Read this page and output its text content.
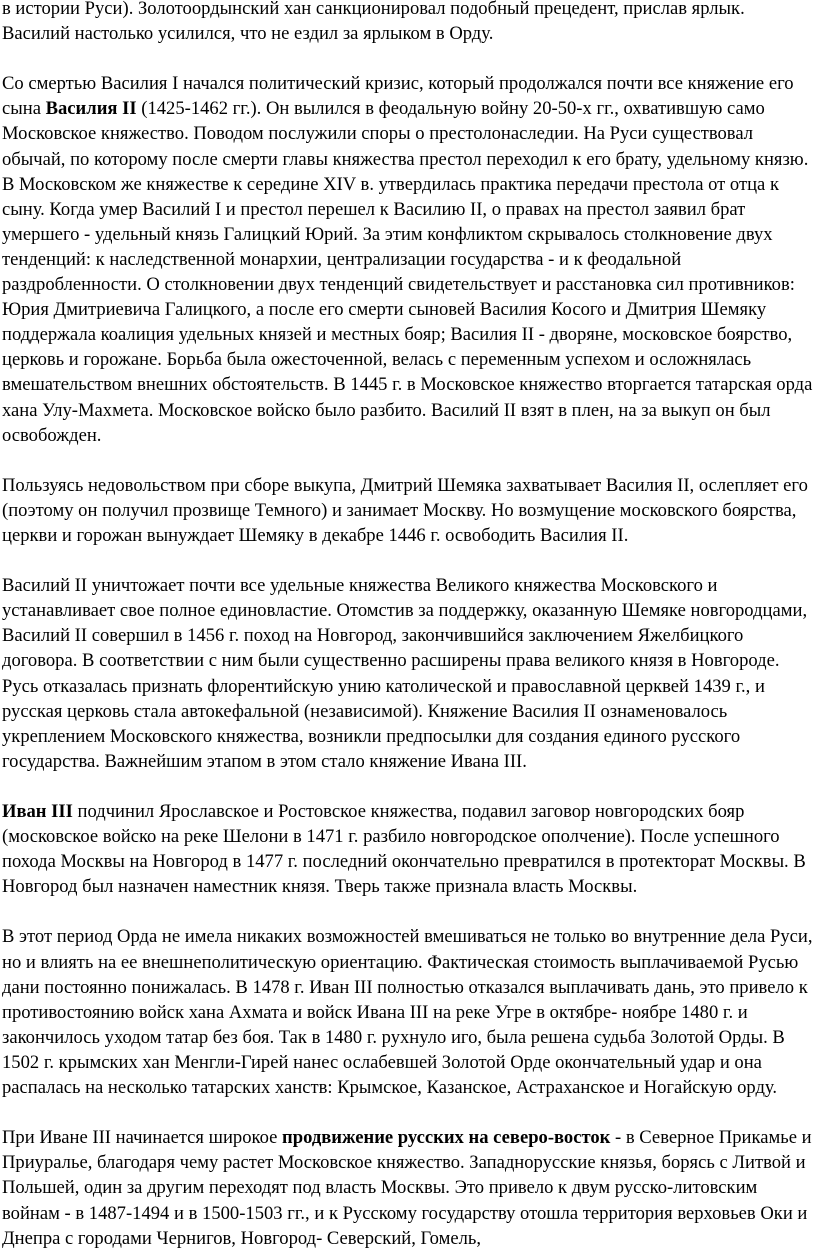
в истории Руси). Золотоордынский хан санкционировал подобный прецедент, прислав ярлык. Василий настолько усилился, что не ездил за ярлыком в Орду.

Со смертью Василия I начался политический кризис, который продолжался почти все княжение его сына Василия II (1425-1462 гг.). Он вылился в феодальную войну 20-50-х гг., охватившую само Московское княжество. Поводом послужили споры о престолонаследии. На Руси существовал обычай, по которому после смерти главы княжества престол переходил к его брату, удельному князю. В Московском же княжестве к середине XIV в. утвердилась практика передачи престола от отца к сыну. Когда умер Василий I и престол перешел к Василию II, о правах на престол заявил брат умершего - удельный князь Галицкий Юрий. За этим конфликтом скрывалось столкновение двух тенденций: к наследственной монархии, централизации государства - и к феодальной раздробленности. О столкновении двух тенденций свидетельствует и расстановка сил противников: Юрия Дмитриевича Галицкого, а после его смерти сыновей Василия Косого и Дмитрия Шемяку поддержала коалиция удельных князей и местных бояр; Василия II - дворяне, московское боярство, церковь и горожане. Борьба была ожесточенной, велась с переменным успехом и осложнялась вмешательством внешних обстоятельств. В 1445 г. в Московское княжество вторгается татарская орда хана Улу-Махмета. Московское войско было разбито. Василий II взят в плен, на за выкуп он был освобожден.

Пользуясь недовольством при сборе выкупа, Дмитрий Шемяка захватывает Василия II, ослепляет его (поэтому он получил прозвище Темного) и занимает Москву. Но возмущение московского боярства, церкви и горожан вынуждает Шемяку в декабре 1446 г. освободить Василия II.

Василий II уничтожает почти все удельные княжества Великого княжества Московского и устанавливает свое полное единовластие. Отомстив за поддержку, оказанную Шемяке новгородцами, Василий II совершил в 1456 г. поход на Новгород, закончившийся заключением Яжелбицкого договора. В соответствии с ним были существенно расширены права великого князя в Новгороде. Русь отказалась признать флорентийскую унию католической и православной церквей 1439 г., и русская церковь стала автокефальной (независимой). Княжение Василия II ознаменовалось укреплением Московского княжества, возникли предпосылки для создания единого русского государства. Важнейшим этапом в этом стало княжение Ивана III.

Иван III подчинил Ярославское и Ростовское княжества, подавил заговор новгородских бояр (московское войско на реке Шелони в 1471 г. разбило новгородское ополчение). После успешного похода Москвы на Новгород в 1477 г. последний окончательно превратился в протекторат Москвы. В Новгород был назначен наместник князя. Тверь также признала власть Москвы.

В этот период Орда не имела никаких возможностей вмешиваться не только во внутренние дела Руси, но и влиять на ее внешнеполитическую ориентацию. Фактическая стоимость выплачиваемой Русью дани постоянно понижалась. В 1478 г. Иван III полностью отказался выплачивать дань, это привело к противостоянию войск хана Ахмата и войск Ивана III на реке Угре в октябре- ноябре 1480 г. и закончилось уходом татар без боя. Так в 1480 г. рухнуло иго, была решена судьба Золотой Орды. В 1502 г. крымских хан Менгли-Гирей нанес ослабевшей Золотой Орде окончательный удар и она распалась на несколько татарских ханств: Крымское, Казанское, Астраханское и Ногайскую орду.

При Иване III начинается широкое продвижение русских на северо-восток - в Северное Прикамье и Приуралье, благодаря чему растет Московское княжество. Западнорусские князья, борясь с Литвой и Польшей, один за другим переходят под власть Москвы. Это привело к двум русско-литовским войнам - в 1487-1494 и в 1500-1503 гг., и к Русскому государству отошла территория верховьев Оки и Днепра с городами Чернигов, Новгород- Северский, Гомель,
